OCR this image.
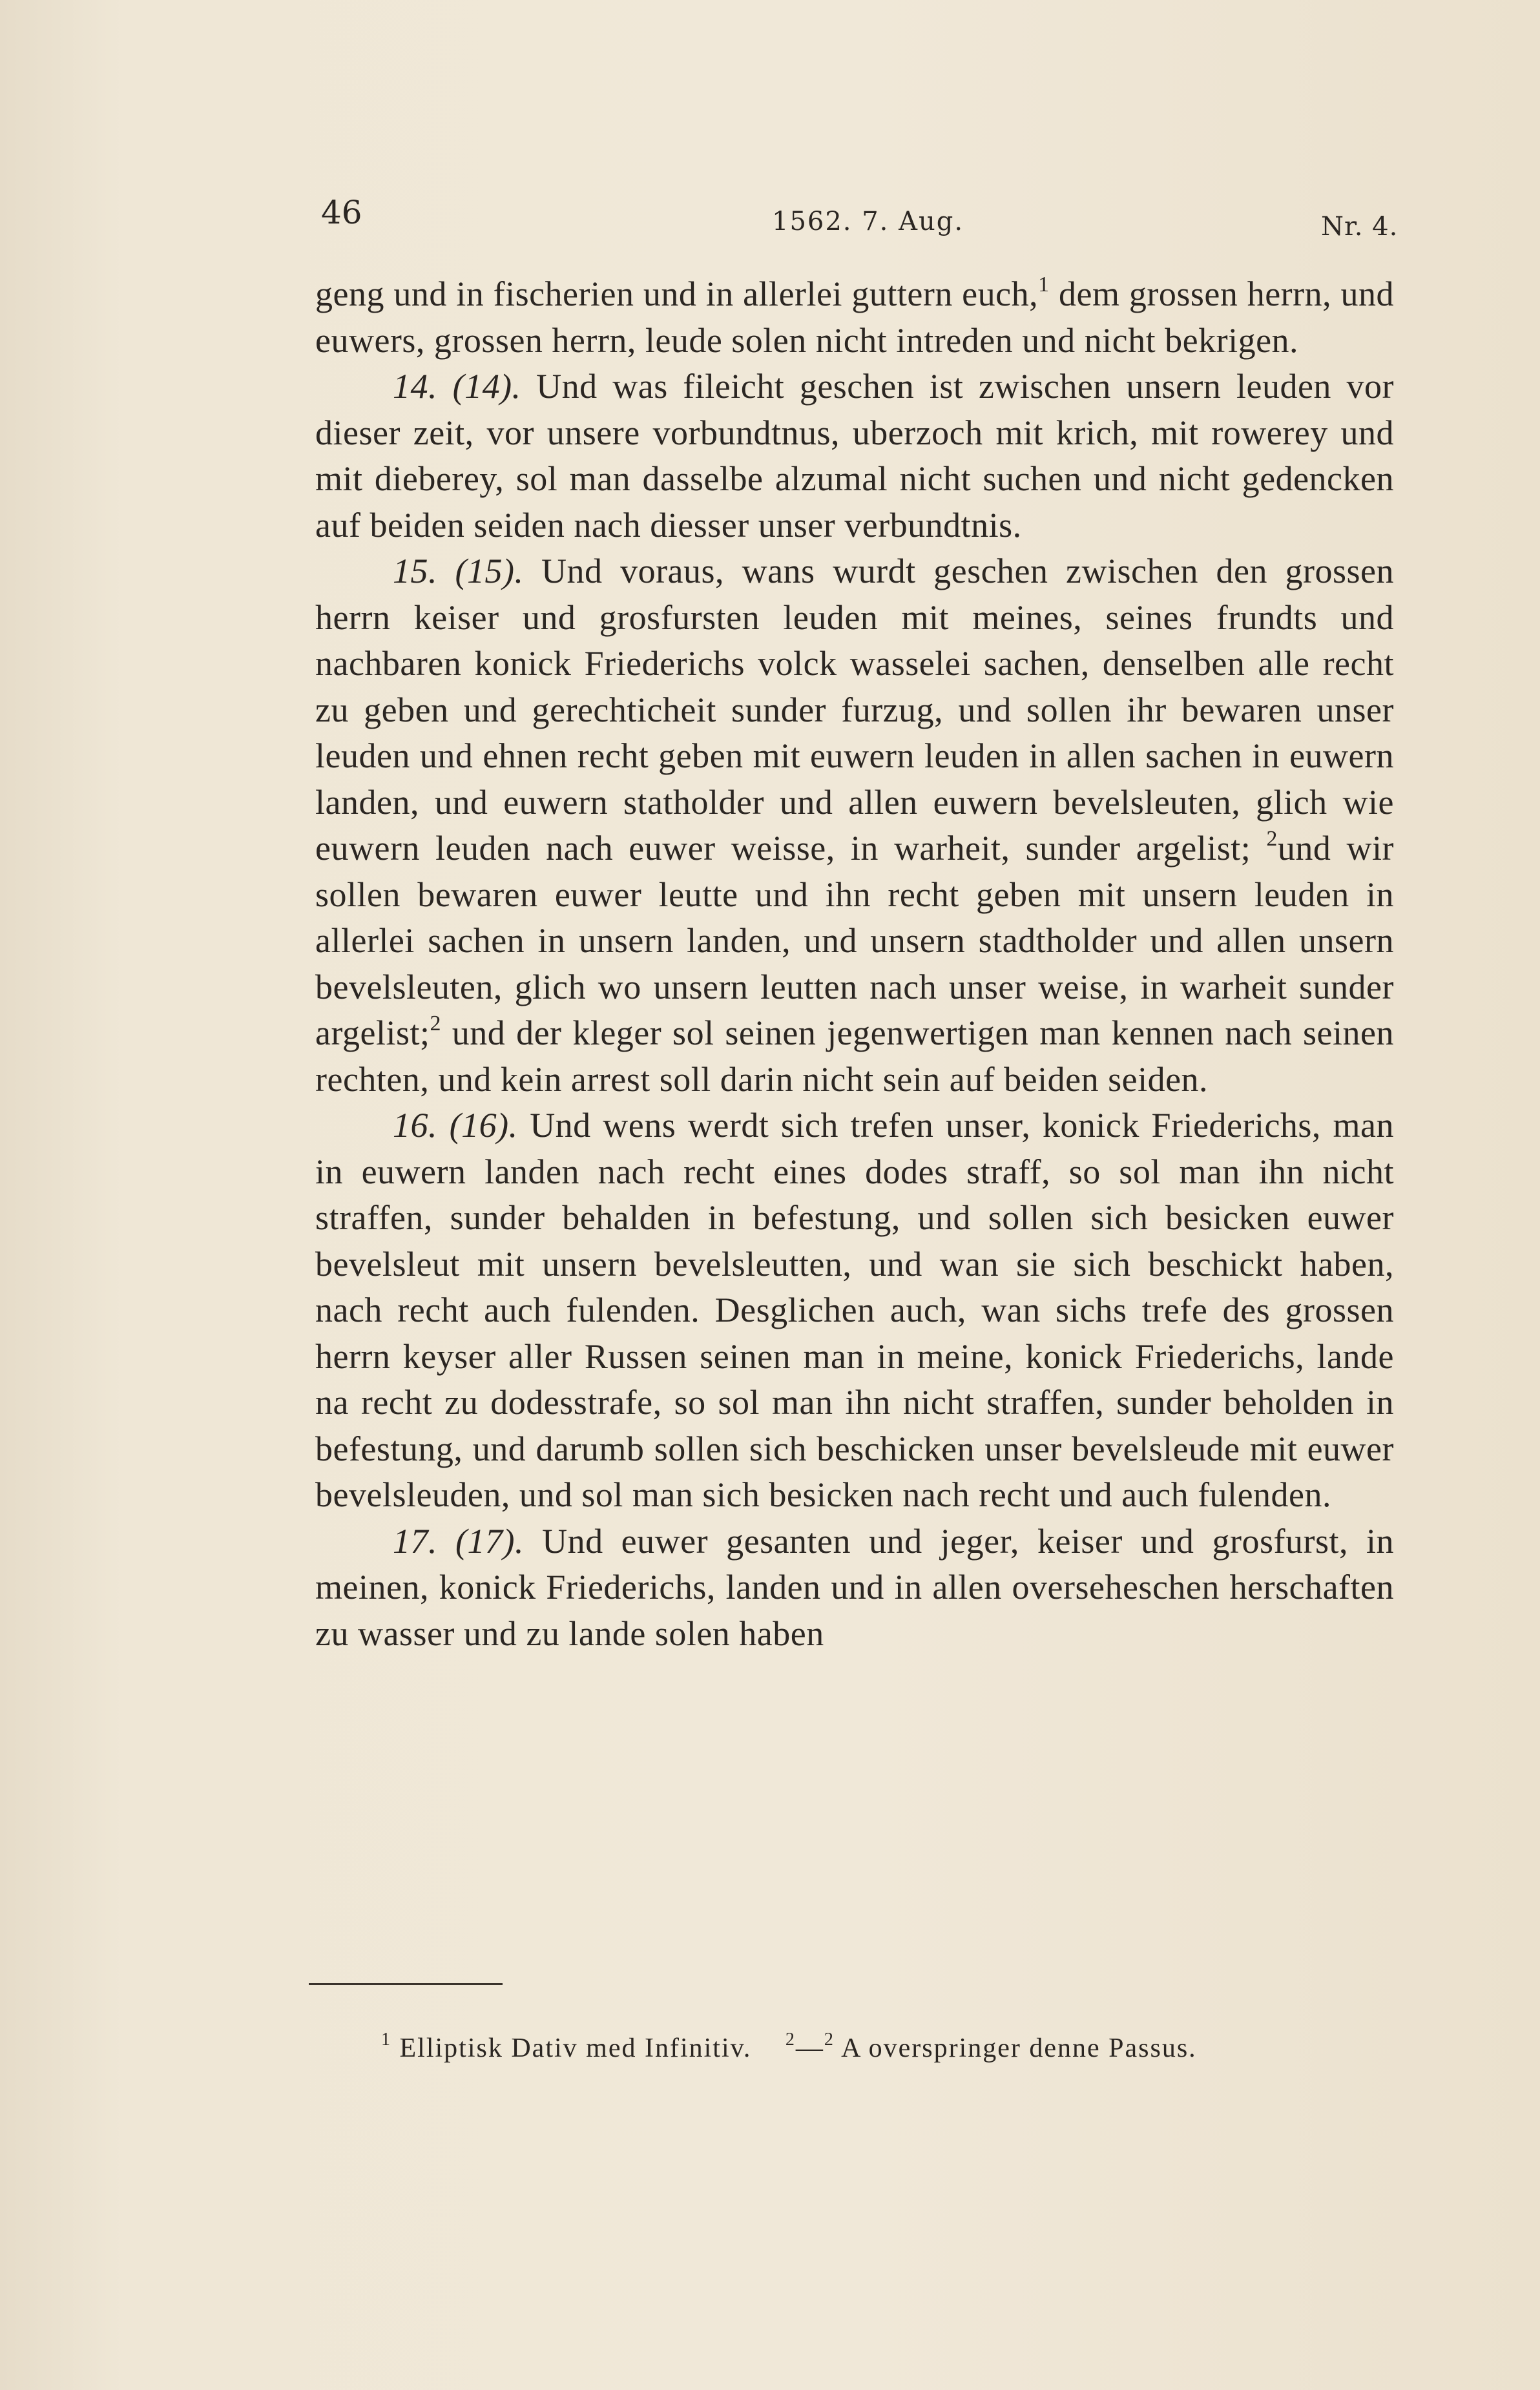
46	1562. 7. Aug.	Nr. 4.

geng und in fischerien und in allerlei guttern euch,$^1$ dem grossen herrn, und euwers, grossen herrn, leude solen nicht intreden und nicht bekrigen.

14. (14). Und was fileicht geschen ist zwischen unsern leuden vor dieser zeit, vor unsere vorbundtnus, uberzoch mit krich, mit rowerey und mit dieberey, sol man dasselbe alzumal nicht suchen und nicht gedencken auf beiden seiden nach diesser unser verbundtnis.

15. (15). Und voraus, wans wurdt geschen zwischen den grossen herrn keiser und grosfursten leuden mit meines, seines frundts und nachbaren konick Friederichs volck wasselei sachen, denselben alle recht zu geben und gerechticheit sunder furzug, und sollen ihr bewaren unser leuden und ehnen recht geben mit euwern leuden in allen sachen in euwern landen, und euwern statholder und allen euwern bevelsleuten, glich wie euwern leuden nach euwer weisse, in warheit, sunder argelist; $^2$und wir sollen bewaren euwer leutte und ihn recht geben mit unsern leuden in allerlei sachen in unsern landen, und unsern stadtholder und allen unsern bevelsleuten, glich wo unsern leutten nach unser weise, in warheit sunder argelist;$^2$ und der kleger sol seinen jegenwertigen man kennen nach seinen rechten, und kein arrest soll darin nicht sein auf beiden seiden.

16. (16). Und wens werdt sich trefen unser, konick Friederichs, man in euwern landen nach recht eines dodes straff, so sol man ihn nicht straffen, sunder behalden in befestung, und sollen sich besicken euwer bevelsleut mit unsern bevelsleutten, und wan sie sich beschickt haben, nach recht auch fulenden. Desglichen auch, wan sichs trefe des grossen herrn keyser aller Russen seinen man in meine, konick Friederichs, lande na recht zu dodesstrafe, so sol man ihn nicht straffen, sunder beholden in befestung, und darumb sollen sich beschicken unser bevelsleude mit euwer bevelsleuden, und sol man sich besicken nach recht und auch fulenden.

17. (17). Und euwer gesanten und jeger, keiser und grosfurst, in meinen, konick Friederichs, landen und in allen overseheschen herschaften zu wasser und zu lande solen haben

$^1$ Elliptisk Dativ med Infinitiv. $^2$—$^2$ A overspringer denne Passus.
